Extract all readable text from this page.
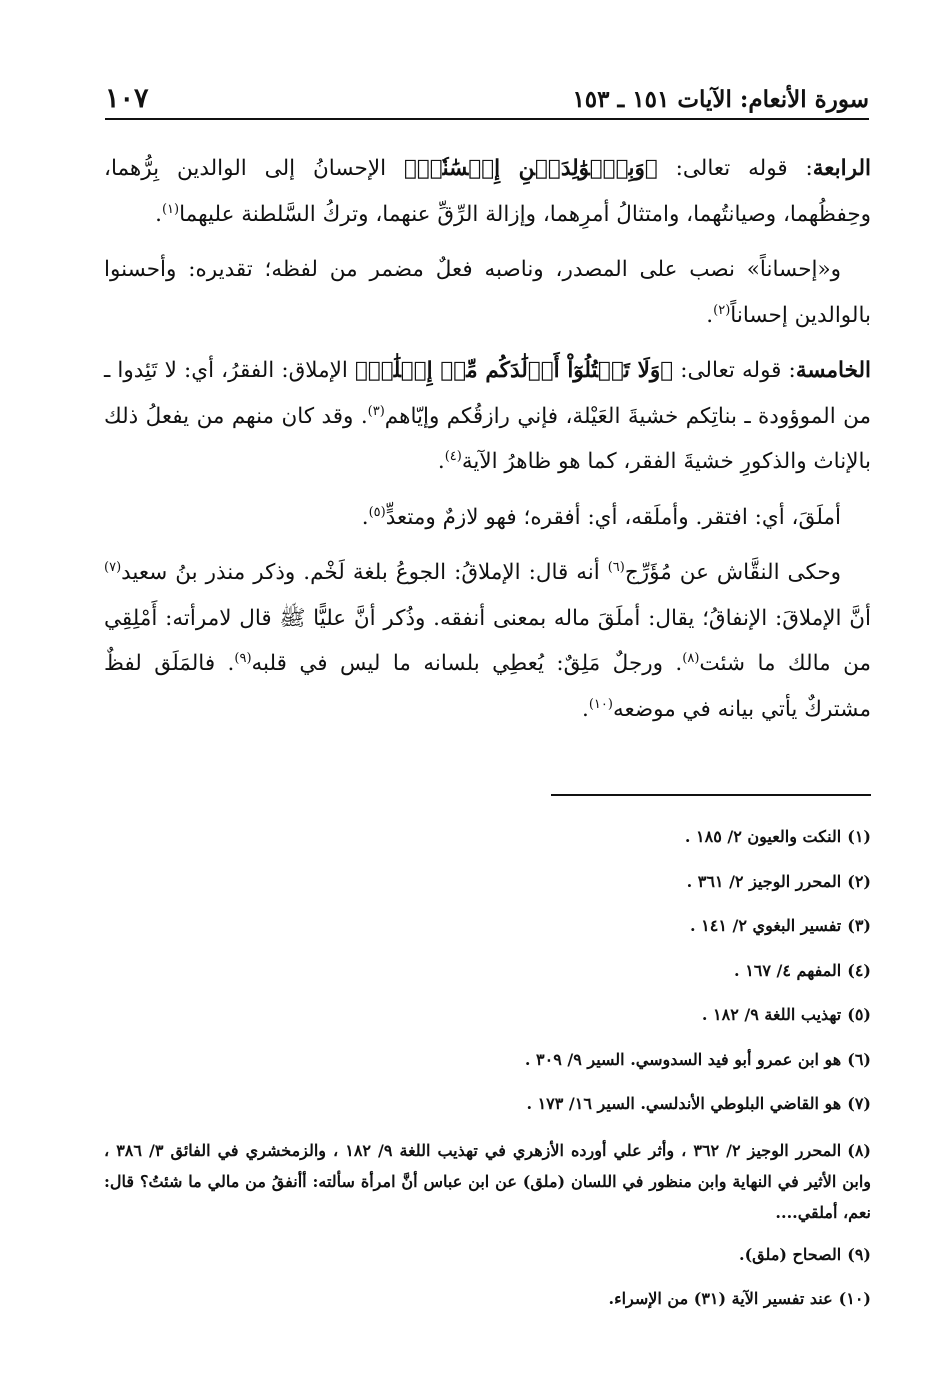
سورة الأنعام: الآيات ١٥١ ـ ١٥٣
١٠٧

الرابعة: قوله تعالى: ﴿وَبِٱلۡوَٰلِدَيۡنِ إِحۡسَٰنٗاۖ﴾ الإحسانُ إلى الوالدين بِرُّهما، وحِفظُهما، وصيانتُهما، وامتثالُ أمرِهما، وإزالة الرِّقِّ عنهما، وتركُ السَّلطنة عليهما$^{(١)}$.

و«إحساناً» نصب على المصدر، وناصبه فعلٌ مضمر من لفظه؛ تقديره: وأحسنوا بالوالدين إحساناً$^{(٢)}$.

الخامسة: قوله تعالى: ﴿وَلَا تَقۡتُلُوٓاْ أَوۡلَٰدَكُم مِّنۡ إِمۡلَٰقٖ﴾ الإملاق: الفقرُ، أي: لا تَئِدوا ـ من الموؤودة ـ بناتِكم خشيةَ العَيْلة، فإني رازقُكم وإيّاهم$^{(٣)}$. وقد كان منهم من يفعلُ ذلك بالإناث والذكورِ خشيةَ الفقر، كما هو ظاهرُ الآية$^{(٤)}$.

أملَقَ، أي: افتقر. وأملَقه، أي: أفقره؛ فهو لازمٌ ومتعدٍّ$^{(٥)}$.

وحكى النقَّاش عن مُؤَرِّج$^{(٦)}$ أنه قال: الإملاقُ: الجوعُ بلغة لَخْم. وذكر منذر بنُ سعيد$^{(٧)}$ أنَّ الإملاقَ: الإنفاقُ؛ يقال: أملَقَ ماله بمعنى أنفقه. وذُكر أنَّ عليًّا ﷺ قال لامرأته: أَمْلِقِي من مالك ما شئت$^{(٨)}$. ورجلٌ مَلِقٌ: يُعطِي بلسانه ما ليس في قلبه$^{(٩)}$. فالمَلَق لفظٌ مشتركٌ يأتي بيانه في موضعه$^{(١٠)}$.

(١)النكت والعيون ٢/ ١٨٥ .

(٢)المحرر الوجيز ٢/ ٣٦١ .

(٣)تفسير البغوي ٢/ ١٤١ .

(٤)المفهم ٤/ ١٦٧ .

(٥)تهذيب اللغة ٩/ ١٨٢ .

(٦)هو ابن عمرو أبو فيد السدوسي. السير ٩/ ٣٠٩ .

(٧)هو القاضي البلوطي الأندلسي. السير ١٦/ ١٧٣ .

(٨)المحرر الوجيز ٢/ ٣٦٢ ، وأثر علي أورده الأزهري في تهذيب اللغة ٩/ ١٨٢ ، والزمخشري في الفائق ٣/ ٣٨٦ ، وابن الأثير في النهاية وابن منظور في اللسان (ملق) عن ابن عباس أنَّ امرأة سألته: أأنفقُ من مالي ما شئتُ؟ قال: نعم، أملقي....

(٩)الصحاح (ملق).

(١٠)عند تفسير الآية (٣١) من الإسراء.
